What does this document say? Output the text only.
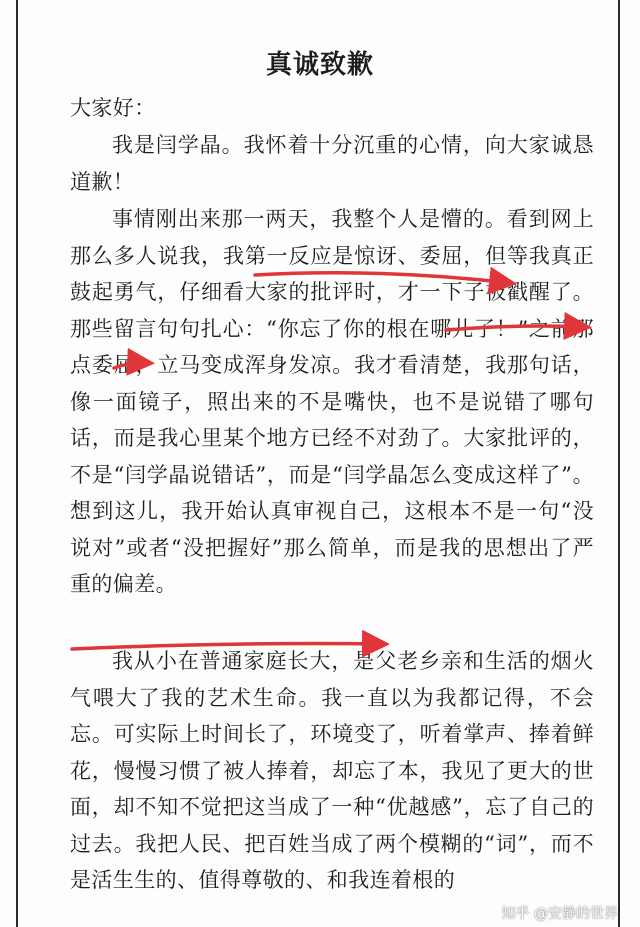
真诚致歉
大家好：
我是闫学晶。我怀着十分沉重的心情，向大家诚恳道歉！
事情刚出来那一两天，我整个人是懵的。看到网上那么多人说我，我第一反应是惊讶、委屈，但等我真正鼓起勇气，仔细看大家的批评时，才一下子被戳醒了。那些留言句句扎心：“你忘了你的根在哪儿了！”之前那点委屈，立马变成浑身发凉。我才看清楚，我那句话，像一面镜子，照出来的不是嘴快，也不是说错了哪句话，而是我心里某个地方已经不对劲了。大家批评的，不是“闫学晶说错话”，而是“闫学晶怎么变成这样了”。想到这儿，我开始认真审视自己，这根本不是一句“没说对”或者“没把握好”那么简单，而是我的思想出了严重的偏差。
我从小在普通家庭长大，是父老乡亲和生活的烟火气喂大了我的艺术生命。我一直以为我都记得，不会忘。可实际上时间长了，环境变了，听着掌声、捧着鲜花，慢慢习惯了被人捧着，却忘了本，我见了更大的世面，却不知不觉把这当成了一种“优越感”，忘了自己的过去。我把人民、把百姓当成了两个模糊的“词”，而不是活生生的、值得尊敬的、和我连着根的
知乎 @安静的世界
